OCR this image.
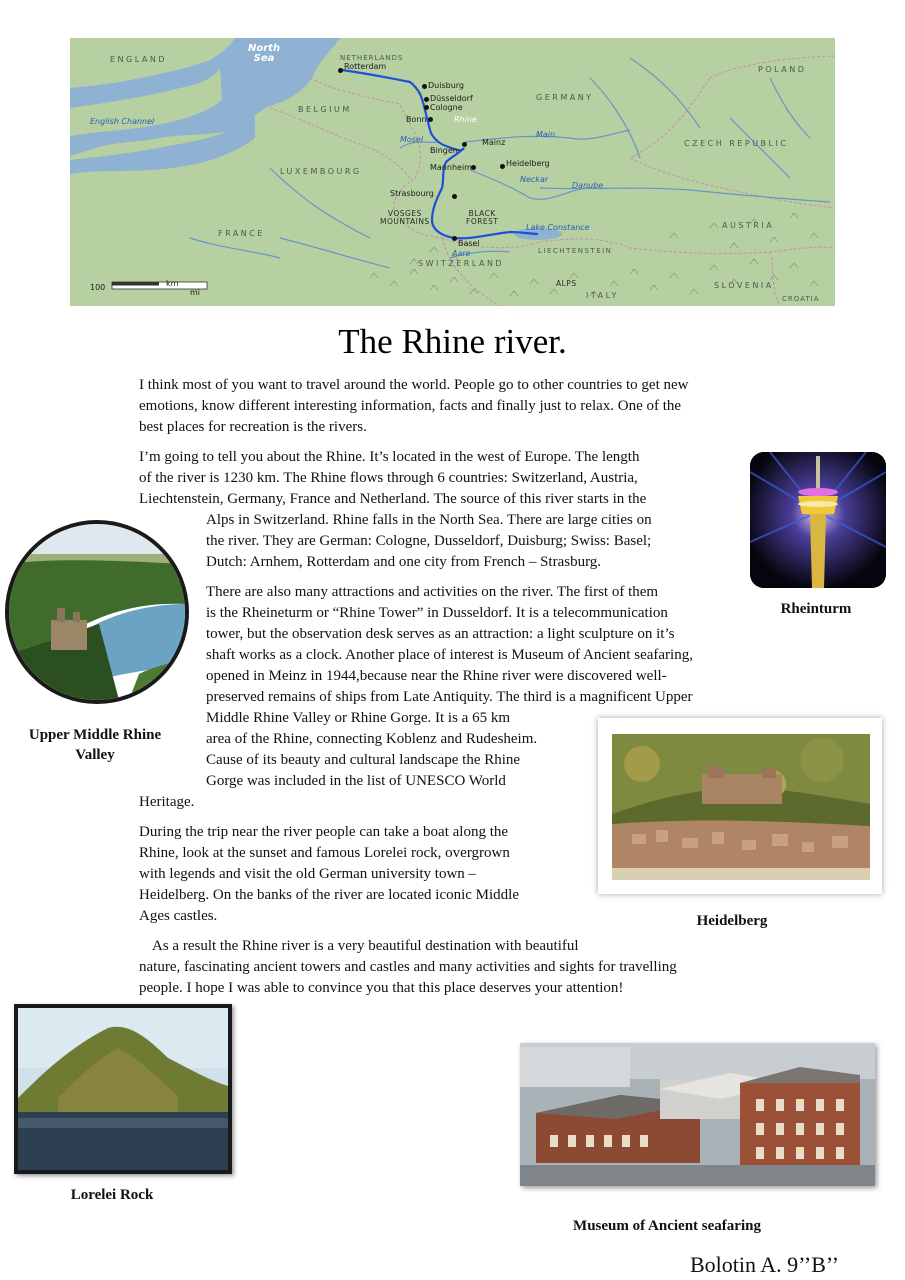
North
Sea
English Channel
ENGLAND
BELGIUM
LUXEMBOURG
FRANCE
NETHERLANDS
GERMANY
POLAND
CZECH REPUBLIC
AUSTRIA
SWITZERLAND
LIECHTENSTEIN
SLOVENIA
ITALY	CROATIA
Rotterdam
Duisburg
Düsseldorf
Cologne
Bonn
Mainz
Bingen
Mannheim	Heidelberg
Strasbourg
Basel
Rhine
Mosel
Main
Neckar
Danube
Aare
Lake Constance
VOSGES
MOUNTAINS
BLACK
FOREST
ALPS
100	km
mi
The Rhine river.
I think most of you want to travel around the world. People go to other countries to get new
emotions, know different interesting information, facts and finally just to relax. One of the
best places for recreation is the rivers.
I’m going to tell you about the Rhine. It’s located in the west of Europe. The length
of the river is 1230 km. The Rhine flows through 6 countries: Switzerland, Austria,
Liechtenstein, Germany, France and Netherland. The source of this river starts in the
Alps in Switzerland. Rhine falls in the North Sea. There are large cities on
the river. They are German: Cologne, Dusseldorf, Duisburg; Swiss: Basel;
Dutch: Arnhem, Rotterdam and one city from French – Strasburg.
There are also many attractions and activities on the river. The first of them
is the Rheineturm or “Rhine Tower” in Dusseldorf. It is a telecommunication
tower, but the observation desk serves as an attraction: a light sculpture on it’s
shaft works as a clock. Another place of interest is Museum of Ancient seafaring,
opened in Meinz in 1944,because near the Rhine river were discovered well-
preserved remains of ships from Late Antiquity. The third is a magnificent Upper
Middle Rhine Valley or Rhine Gorge. It is a 65 km
area of the Rhine, connecting Koblenz and Rudesheim.
Cause of its beauty and cultural landscape the Rhine
Gorge was included in the list of UNESCO World
Heritage.
During the trip near the river people can take a boat along the
Rhine, look at the sunset and famous Lorelei rock, overgrown
with legends and visit the old German university town –
Heidelberg. On the banks of the river are located iconic Middle
Ages castles.
As a result the Rhine river is a very beautiful destination with beautiful
nature, fascinating ancient towers and castles and many activities and sights for travelling
people. I hope I was able to convince you that this place deserves your attention!
Rheinturm
Upper Middle Rhine
Valley
Heidelberg
Lorelei Rock
Museum of Ancient seafaring
Bolotin A. 9’’B’’
